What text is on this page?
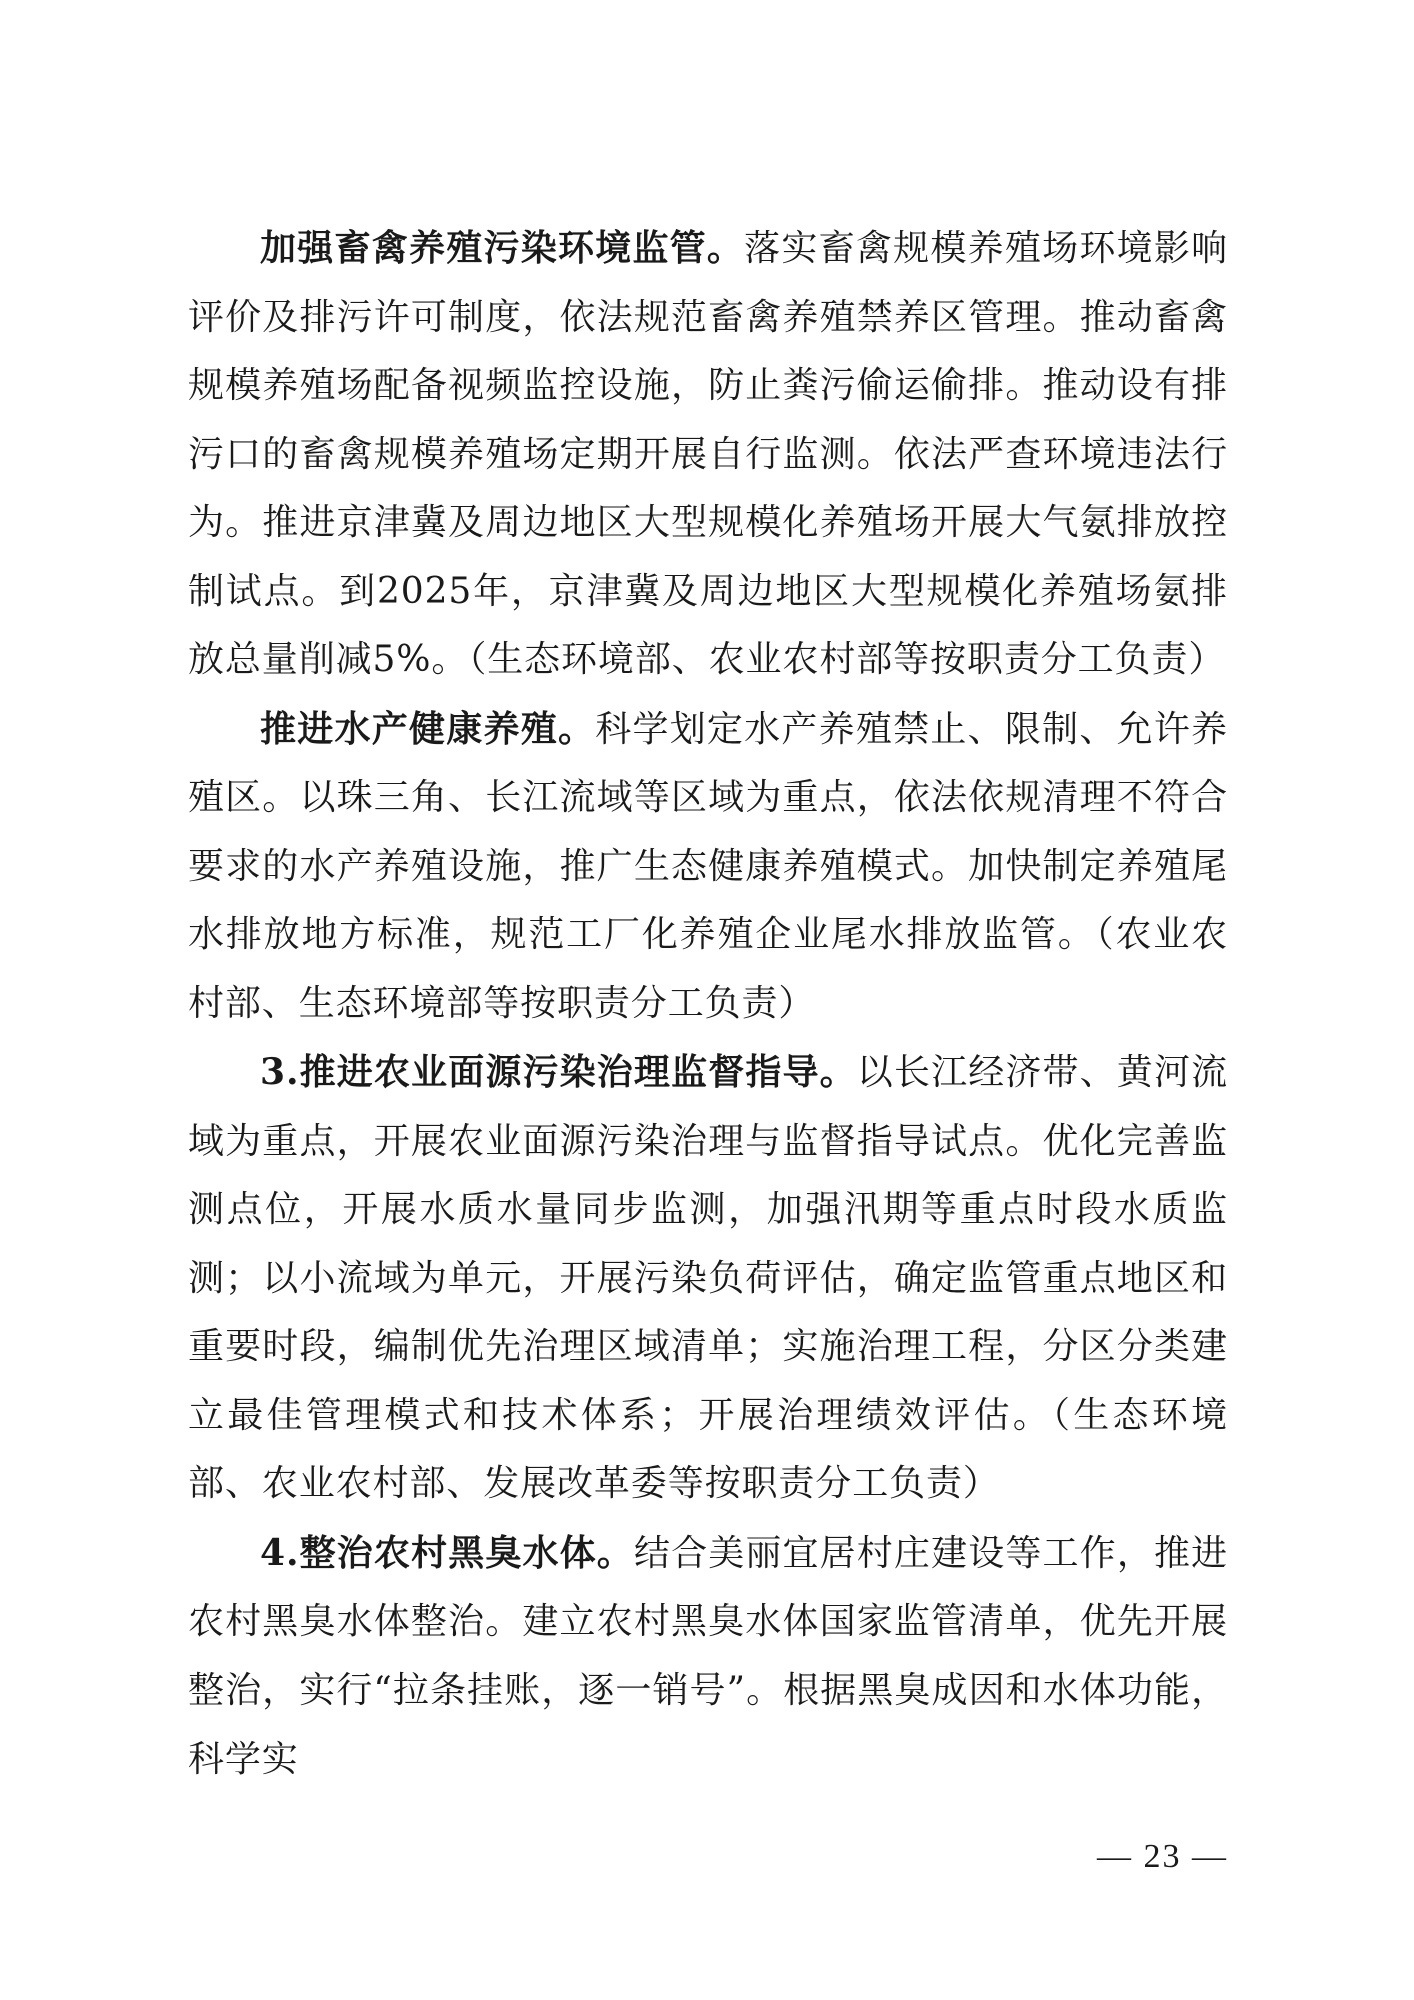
加强畜禽养殖污染环境监管。落实畜禽规模养殖场环境影响评价及排污许可制度，依法规范畜禽养殖禁养区管理。推动畜禽规模养殖场配备视频监控设施，防止粪污偷运偷排。推动设有排污口的畜禽规模养殖场定期开展自行监测。依法严查环境违法行为。推进京津冀及周边地区大型规模化养殖场开展大气氨排放控制试点。到2025年，京津冀及周边地区大型规模化养殖场氨排放总量削减5%。（生态环境部、农业农村部等按职责分工负责）

推进水产健康养殖。科学划定水产养殖禁止、限制、允许养殖区。以珠三角、长江流域等区域为重点，依法依规清理不符合要求的水产养殖设施，推广生态健康养殖模式。加快制定养殖尾水排放地方标准，规范工厂化养殖企业尾水排放监管。（农业农村部、生态环境部等按职责分工负责）

3.推进农业面源污染治理监督指导。以长江经济带、黄河流域为重点，开展农业面源污染治理与监督指导试点。优化完善监测点位，开展水质水量同步监测，加强汛期等重点时段水质监测；以小流域为单元，开展污染负荷评估，确定监管重点地区和重要时段，编制优先治理区域清单；实施治理工程，分区分类建立最佳管理模式和技术体系；开展治理绩效评估。（生态环境部、农业农村部、发展改革委等按职责分工负责）

4.整治农村黑臭水体。结合美丽宜居村庄建设等工作，推进农村黑臭水体整治。建立农村黑臭水体国家监管清单，优先开展整治，实行“拉条挂账，逐一销号”。根据黑臭成因和水体功能，科学实

— 23 —
